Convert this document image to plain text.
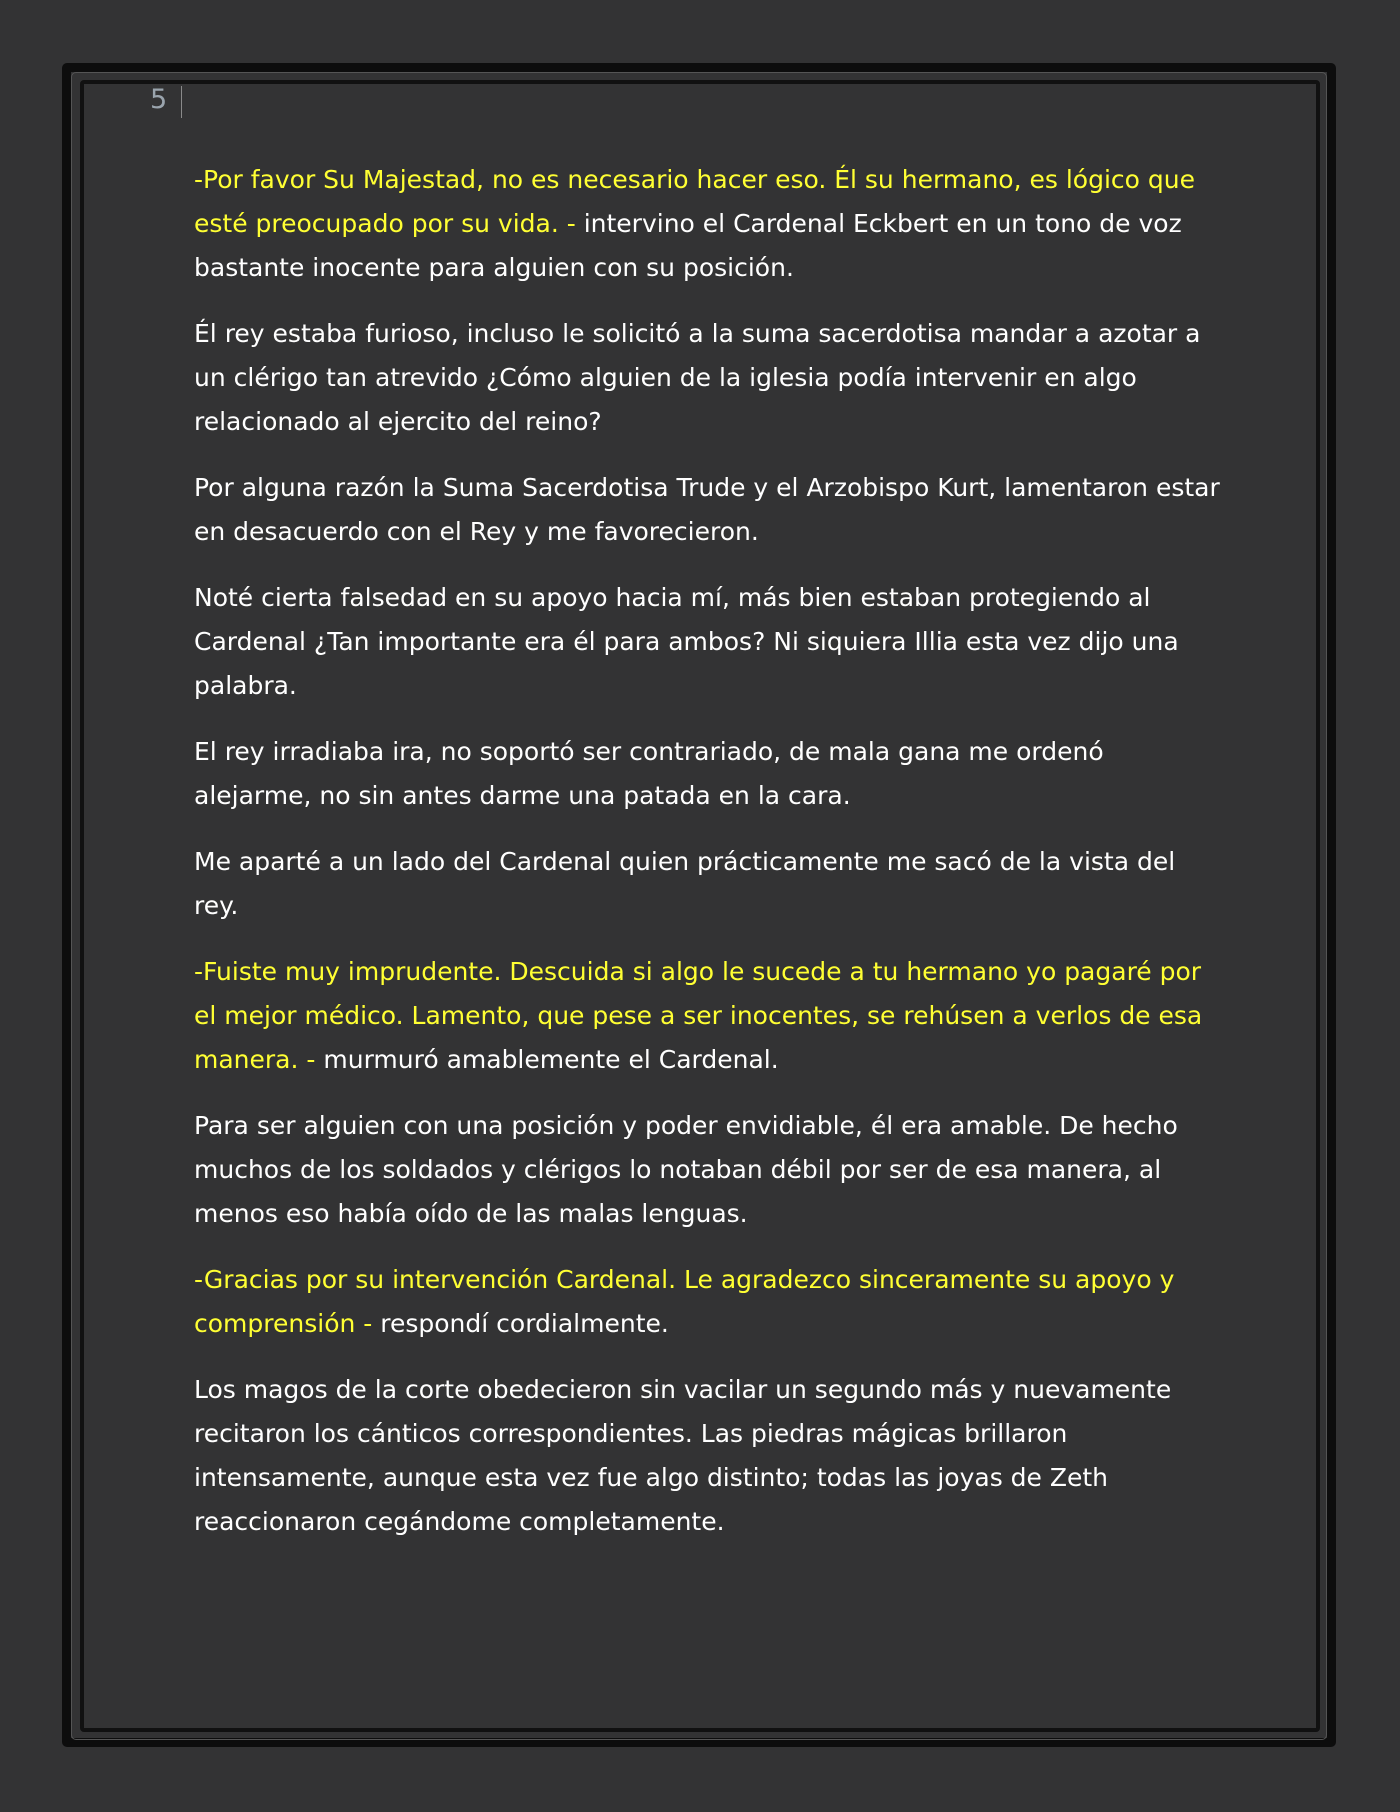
5

-Por favor Su Majestad, no es necesario hacer eso. Él su hermano, es lógico que esté preocupado por su vida. - intervino el Cardenal Eckbert en un tono de voz bastante inocente para alguien con su posición.

Él rey estaba furioso, incluso le solicitó a la suma sacerdotisa mandar a azotar a un clérigo tan atrevido ¿Cómo alguien de la iglesia podía intervenir en algo relacionado al ejercito del reino?

Por alguna razón la Suma Sacerdotisa Trude y el Arzobispo Kurt, lamentaron estar en desacuerdo con el Rey y me favorecieron.

Noté cierta falsedad en su apoyo hacia mí, más bien estaban protegiendo al Cardenal ¿Tan importante era él para ambos? Ni siquiera Illia esta vez dijo una palabra.

El rey irradiaba ira, no soportó ser contrariado, de mala gana me ordenó alejarme, no sin antes darme una patada en la cara.

Me aparté a un lado del Cardenal quien prácticamente me sacó de la vista del rey.

-Fuiste muy imprudente. Descuida si algo le sucede a tu hermano yo pagaré por el mejor médico. Lamento, que pese a ser inocentes, se rehúsen a verlos de esa manera. - murmuró amablemente el Cardenal.

Para ser alguien con una posición y poder envidiable, él era amable. De hecho muchos de los soldados y clérigos lo notaban débil por ser de esa manera, al menos eso había oído de las malas lenguas.

-Gracias por su intervención Cardenal. Le agradezco sinceramente su apoyo y comprensión - respondí cordialmente.

Los magos de la corte obedecieron sin vacilar un segundo más y nuevamente recitaron los cánticos correspondientes. Las piedras mágicas brillaron intensamente, aunque esta vez fue algo distinto; todas las joyas de Zeth reaccionaron cegándome completamente.
